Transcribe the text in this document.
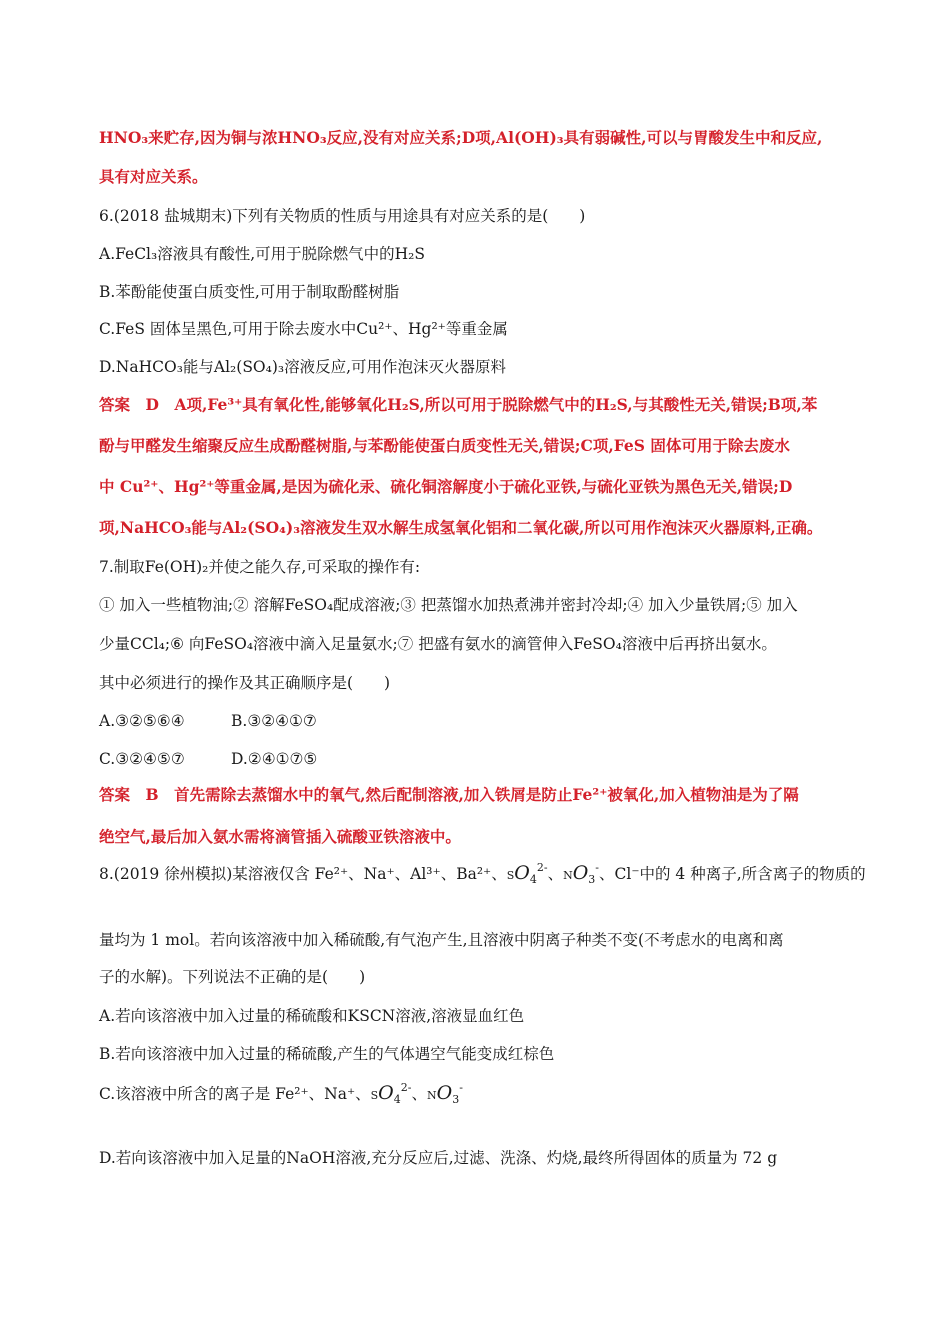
HNO₃来贮存,因为铜与浓HNO₃反应,没有对应关系;D项,Al(OH)₃具有弱碱性,可以与胃酸发生中和反应,
具有对应关系。
6.(2018 盐城期末)下列有关物质的性质与用途具有对应关系的是(　　)
A.FeCl₃溶液具有酸性,可用于脱除燃气中的H₂S
B.苯酚能使蛋白质变性,可用于制取酚醛树脂
C.FeS 固体呈黑色,可用于除去废水中Cu²⁺、Hg²⁺等重金属
D.NaHCO₃能与Al₂(SO₄)₃溶液反应,可用作泡沫灭火器原料
答案　D　A项,Fe³⁺具有氧化性,能够氧化H₂S,所以可用于脱除燃气中的H₂S,与其酸性无关,错误;B项,苯
酚与甲醛发生缩聚反应生成酚醛树脂,与苯酚能使蛋白质变性无关,错误;C项,FeS 固体可用于除去废水
中 Cu²⁺、Hg²⁺等重金属,是因为硫化汞、硫化铜溶解度小于硫化亚铁,与硫化亚铁为黑色无关,错误;D
项,NaHCO₃能与Al₂(SO₄)₃溶液发生双水解生成氢氧化铝和二氧化碳,所以可用作泡沫灭火器原料,正确。
7.制取Fe(OH)₂并使之能久存,可采取的操作有:
① 加入一些植物油;② 溶解FeSO₄配成溶液;③ 把蒸馏水加热煮沸并密封冷却;④ 加入少量铁屑;⑤ 加入
少量CCl₄;⑥ 向FeSO₄溶液中滴入足量氨水;⑦ 把盛有氨水的滴管伸入FeSO₄溶液中后再挤出氨水。
其中必须进行的操作及其正确顺序是(　　)
A.③②⑤⑥④	B.③②④①⑦
C.③②④⑤⑦	D.②④①⑦⑤
答案　B　首先需除去蒸馏水中的氧气,然后配制溶液,加入铁屑是防止Fe²⁺被氧化,加入植物油是为了隔
绝空气,最后加入氨水需将滴管插入硫酸亚铁溶液中。
8.(2019 徐州模拟)某溶液仅含 Fe²⁺、Na⁺、Al³⁺、Ba²⁺、$SO_4^{2-}$、$NO_3^-$、Cl⁻中的 4 种离子,所含离子的物质的
量均为 1 mol。若向该溶液中加入稀硫酸,有气泡产生,且溶液中阴离子种类不变(不考虑水的电离和离
子的水解)。下列说法不正确的是(　　)
A.若向该溶液中加入过量的稀硫酸和KSCN溶液,溶液显血红色
B.若向该溶液中加入过量的稀硫酸,产生的气体遇空气能变成红棕色
C.该溶液中所含的离子是 Fe²⁺、Na⁺、$SO_4^{2-}$、$NO_3^-$
D.若向该溶液中加入足量的NaOH溶液,充分反应后,过滤、洗涤、灼烧,最终所得固体的质量为 72 g
